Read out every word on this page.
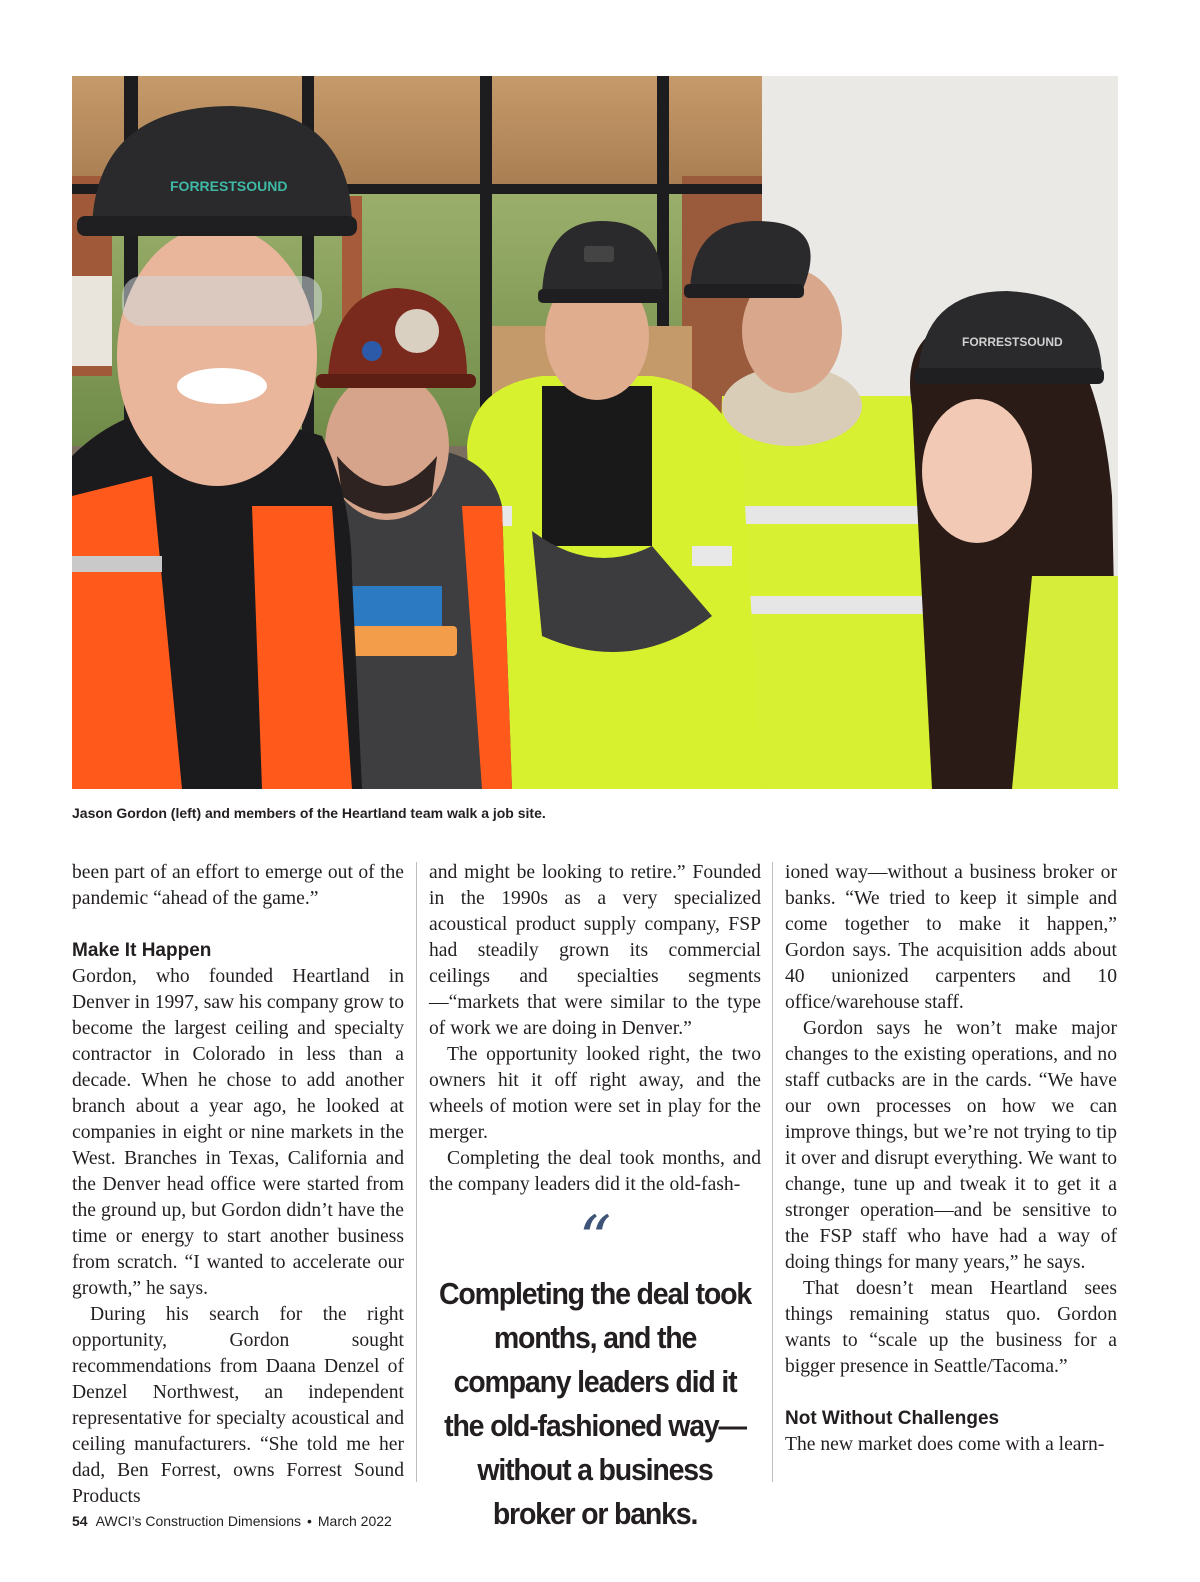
FORRESTSOUND
FORRESTSOUND
Jason Gordon (left) and members of the Heartland team walk a job site.

been part of an effort to emerge out of the pandemic “ahead of the game.”

Make It Happen

Gordon, who founded Heartland in Denver in 1997, saw his company grow to become the largest ceiling and specialty contractor in Colorado in less than a decade. When he chose to add another branch about a year ago, he looked at companies in eight or nine markets in the West. Branches in Texas, California and the Denver head office were started from the ground up, but Gordon didn’t have the time or energy to start another business from scratch. “I wanted to accelerate our growth,” he says.

During his search for the right opportunity, Gordon sought recommendations from Daana Denzel of Denzel Northwest, an independent representative for specialty acoustical and ceiling manufacturers. “She told me her dad, Ben Forrest, owns Forrest Sound Products

and might be looking to retire.” Founded in the 1990s as a very specialized acoustical product supply company, FSP had steadily grown its commercial ceilings and specialties segments—“markets that were similar to the type of work we are doing in Denver.”

The opportunity looked right, the two owners hit it off right away, and the wheels of motion were set in play for the merger.

Completing the deal took months, and the company leaders did it the old-fash-

“
Completing the deal took months, and the company leaders did it the old-fashioned way—without a business broker or banks.

ioned way—without a business broker or banks. “We tried to keep it simple and come together to make it happen,” Gordon says. The acquisition adds about 40 unionized carpenters and 10 office/warehouse staff.

Gordon says he won’t make major changes to the existing operations, and no staff cutbacks are in the cards. “We have our own processes on how we can improve things, but we’re not trying to tip it over and disrupt everything. We want to change, tune up and tweak it to get it a stronger operation—and be sensitive to the FSP staff who have had a way of doing things for many years,” he says.

That doesn’t mean Heartland sees things remaining status quo. Gordon wants to “scale up the business for a bigger presence in Seattle/Tacoma.”

Not Without Challenges

The new market does come with a learn-

54 AWCI’s Construction Dimensions • March 2022
